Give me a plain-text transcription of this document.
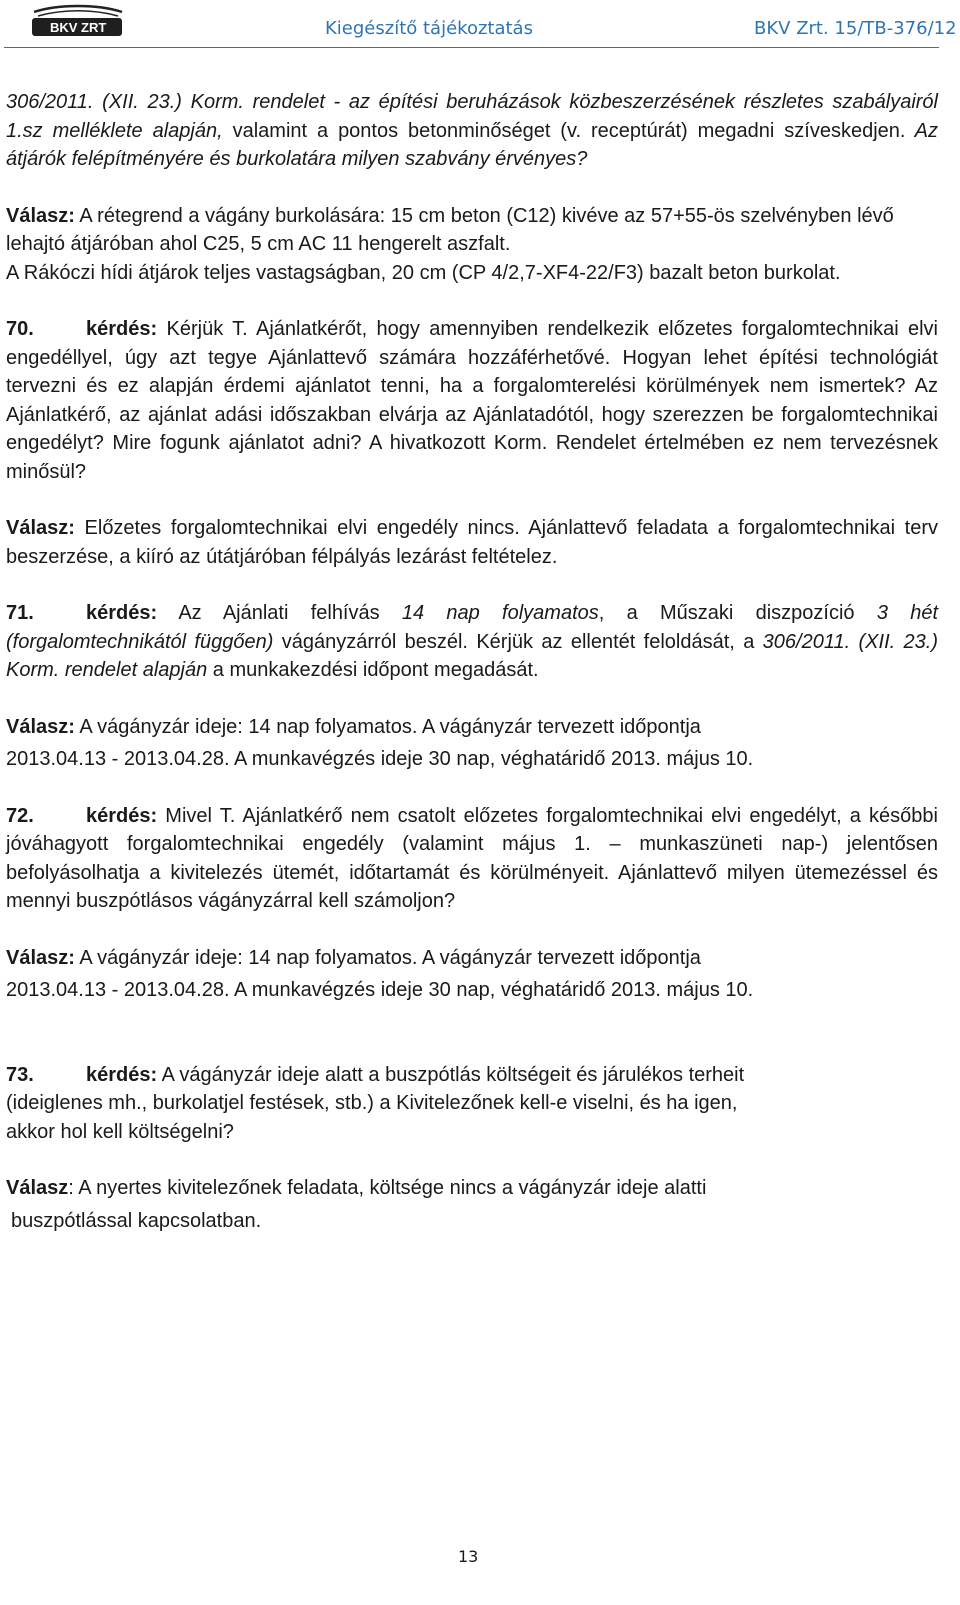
BKV ZRT	Kiegészítő tájékoztatás	BKV Zrt. 15/TB-376/12

306/2011. (XII. 23.) Korm. rendelet - az építési beruházások közbeszerzésének részletes szabályairól 1.sz melléklete alapján, valamint a pontos betonminőséget (v. receptúrát) megadni szíveskedjen. Az átjárók felépítményére és burkolatára milyen szabvány érvényes?

Válasz: A rétegrend a vágány burkolására: 15 cm beton (C12) kivéve az 57+55-ös szelvényben lévő lehajtó átjáróban ahol C25, 5 cm AC 11 hengerelt aszfalt.

A Rákóczi hídi átjárok teljes vastagságban, 20 cm (CP 4/2,7-XF4-22/F3) bazalt beton burkolat.

70.	kérdés: Kérjük T. Ajánlatkérőt, hogy amennyiben rendelkezik előzetes forgalomtechnikai elvi engedéllyel, úgy azt tegye Ajánlattevő számára hozzáférhetővé. Hogyan lehet építési technológiát tervezni és ez alapján érdemi ajánlatot tenni, ha a forgalomterelési körülmények nem ismertek? Az Ajánlatkérő, az ajánlat adási időszakban elvárja az Ajánlatadótól, hogy szerezzen be forgalomtechnikai engedélyt? Mire fogunk ajánlatot adni? A hivatkozott Korm. Rendelet értelmében ez nem tervezésnek minősül?

Válasz: Előzetes forgalomtechnikai elvi engedély nincs. Ajánlattevő feladata a forgalomtechnikai terv beszerzése, a kiíró az útátjáróban félpályás lezárást feltételez.

71.	kérdés: Az Ajánlati felhívás 14 nap folyamatos, a Műszaki diszpozíció 3 hét (forgalomtechnikától függően) vágányzárról beszél. Kérjük az ellentét feloldását, a 306/2011. (XII. 23.) Korm. rendelet alapján a munkakezdési időpont megadását.

Válasz: A vágányzár ideje: 14 nap folyamatos. A vágányzár tervezett időpontja

2013.04.13 - 2013.04.28. A munkavégzés ideje 30 nap, véghatáridő 2013. május 10.

72.	kérdés: Mivel T. Ajánlatkérő nem csatolt előzetes forgalomtechnikai elvi engedélyt, a későbbi jóváhagyott forgalomtechnikai engedély (valamint május 1. – munkaszüneti nap-) jelentősen befolyásolhatja a kivitelezés ütemét, időtartamát és körülményeit. Ajánlattevő milyen ütemezéssel és mennyi buszpótlásos vágányzárral kell számoljon?

Válasz: A vágányzár ideje: 14 nap folyamatos. A vágányzár tervezett időpontja

2013.04.13 - 2013.04.28. A munkavégzés ideje 30 nap, véghatáridő 2013. május 10.

73.	kérdés: A vágányzár ideje alatt a buszpótlás költségeit és járulékos terheit

(ideiglenes mh., burkolatjel festések, stb.) a Kivitelezőnek kell-e viselni, és ha igen,

akkor hol kell költségelni?

Válasz: A nyertes kivitelezőnek feladata, költsége nincs a vágányzár ideje alatti

buszpótlással kapcsolatban.

13
